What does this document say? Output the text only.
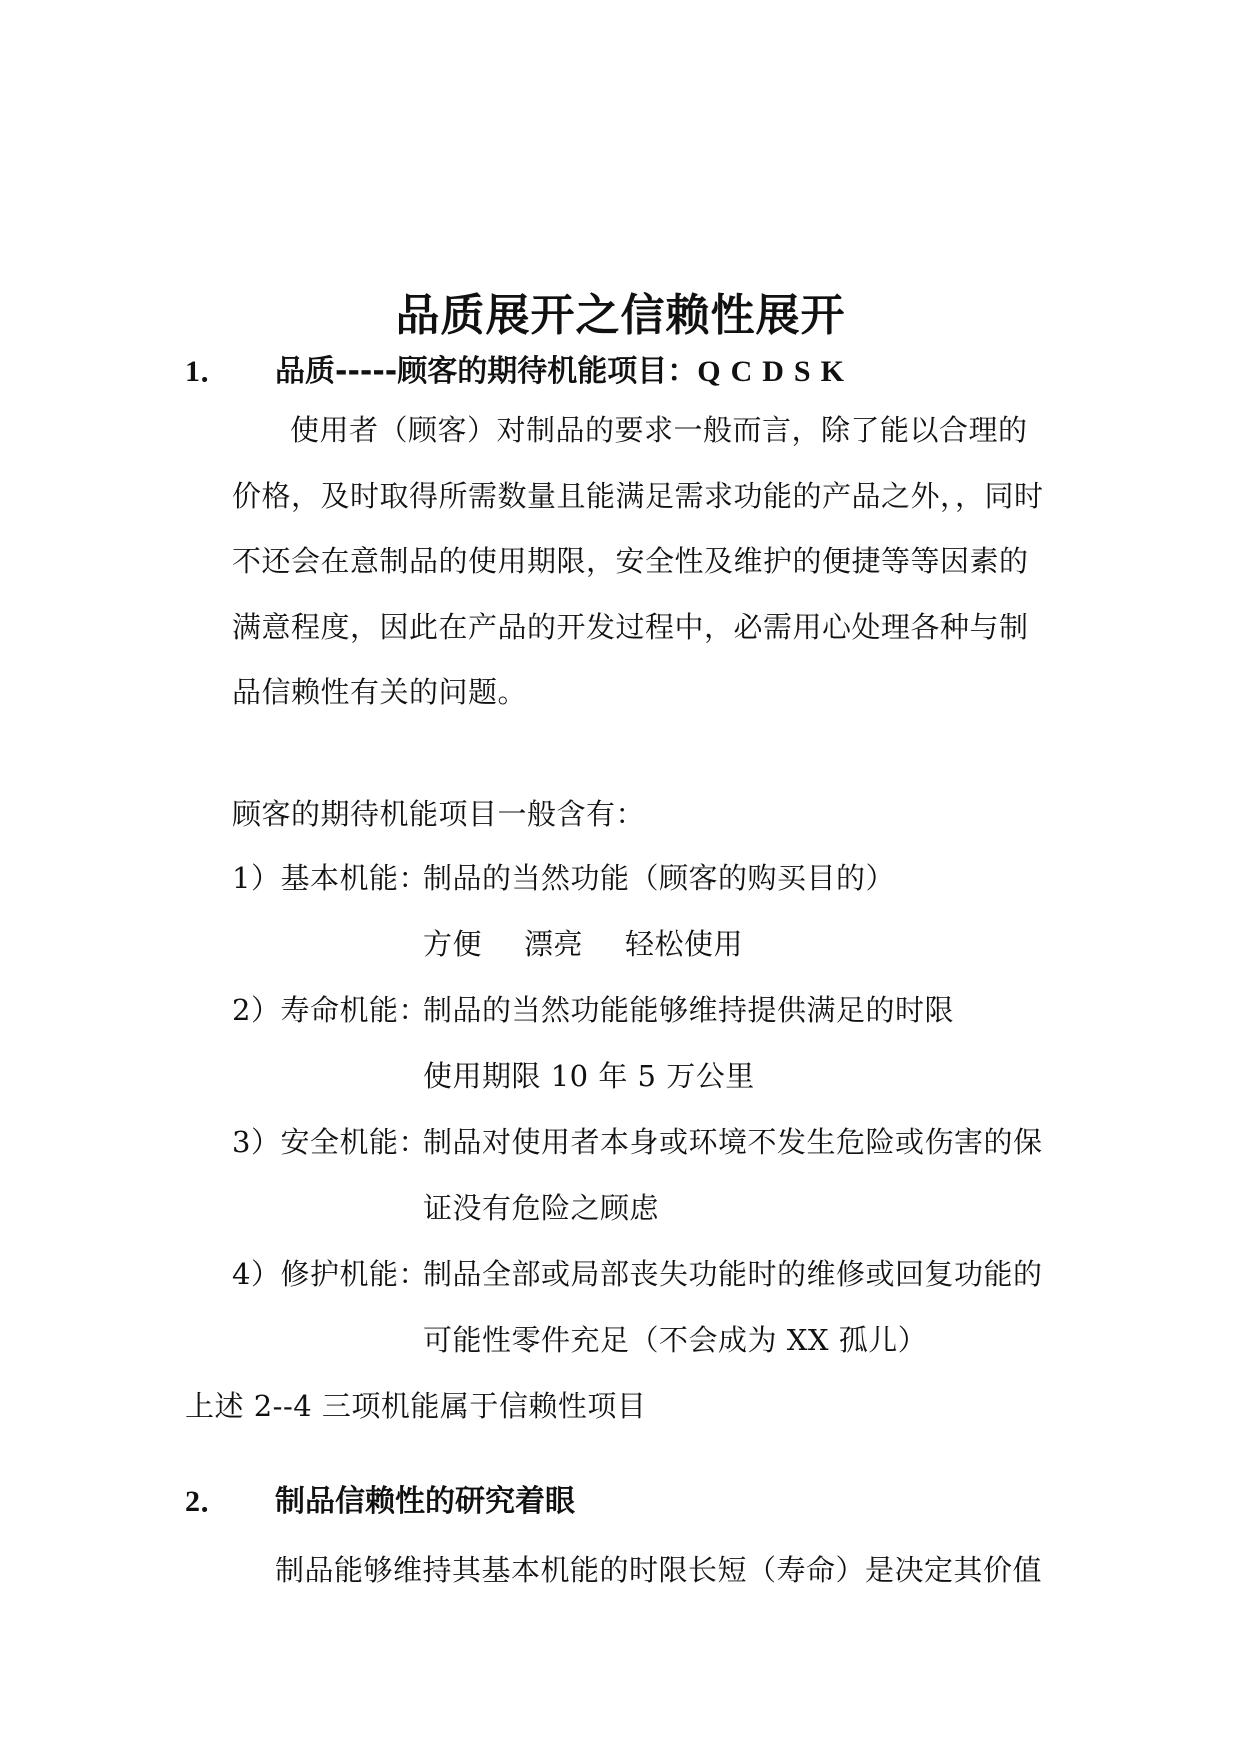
品质展开之信赖性展开
1． 品质-----顾客的期待机能项目：QCDSK
使用者（顾客）对制品的要求一般而言，除了能以合理的价格，及时取得所需数量且能满足需求功能的产品之外，，同时不还会在意制品的使用期限，安全性及维护的便捷等等因素的满意程度，因此在产品的开发过程中，必需用心处理各种与制品信赖性有关的问题。
顾客的期待机能项目一般含有：
1）基本机能：
制品的当然功能（顾客的购买目的）
方便 漂亮 轻松使用
2）寿命机能：
制品的当然功能能够维持提供满足的时限
使用期限 10 年 5 万公里
3）安全机能：
制品对使用者本身或环境不发生危险或伤害的保
证没有危险之顾虑
4）修护机能：
制品全部或局部丧失功能时的维修或回复功能的
可能性零件充足（不会成为 XX 孤儿）
上述 2--4 三项机能属于信赖性项目
2． 制品信赖性的研究着眼
制品能够维持其基本机能的时限长短（寿命）是决定其价值
